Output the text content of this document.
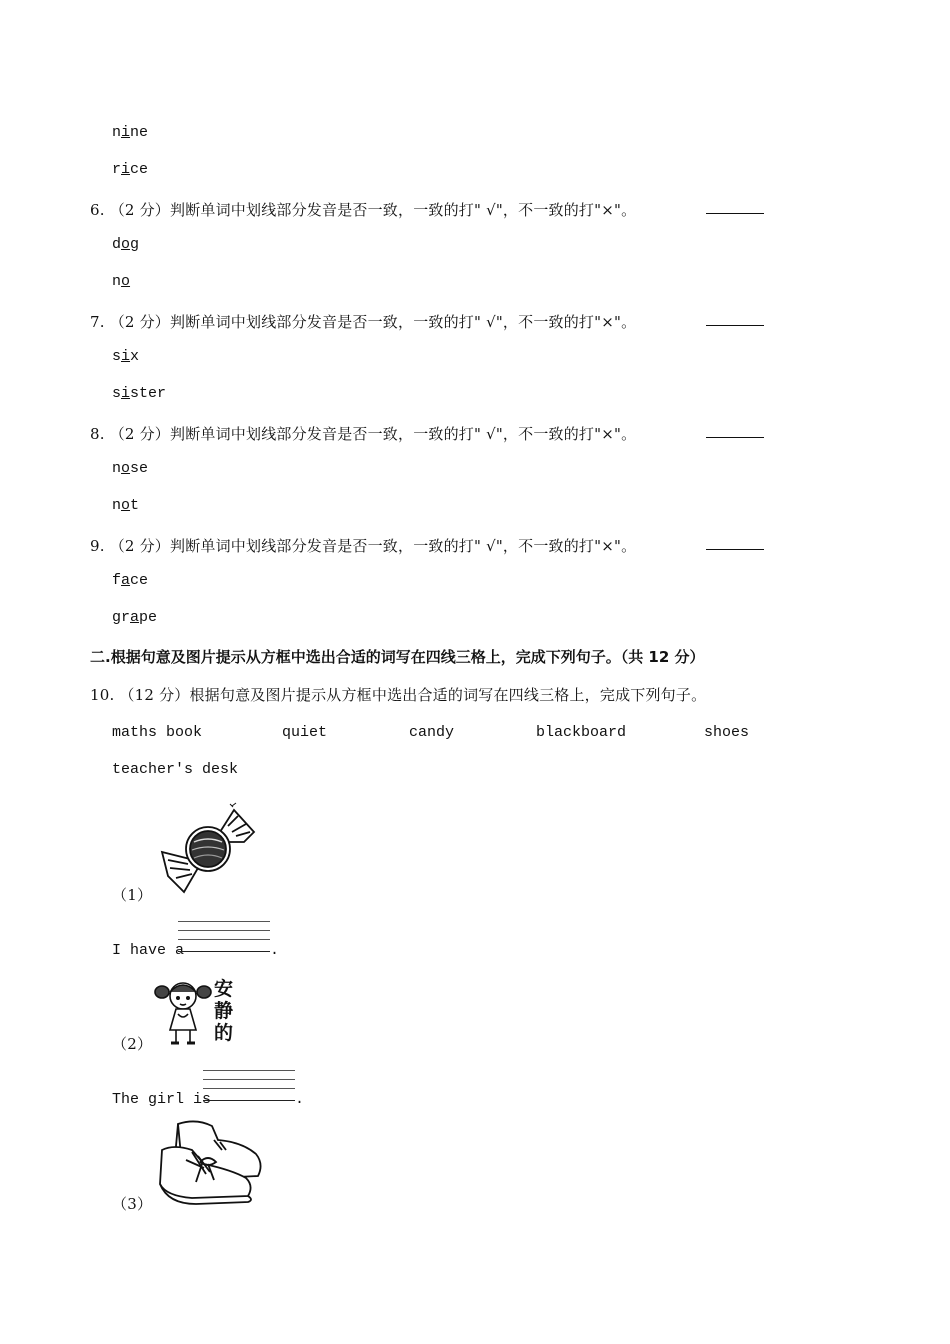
nine
rice
6. （2 分）判断单词中划线部分发音是否一致，一致的打" √"，不一致的打"×"。
dog
no
7. （2 分）判断单词中划线部分发音是否一致，一致的打" √"，不一致的打"×"。
six
sister
8. （2 分）判断单词中划线部分发音是否一致，一致的打" √"，不一致的打"×"。
nose
not
9. （2 分）判断单词中划线部分发音是否一致，一致的打" √"，不一致的打"×"。
face
grape
二.根据句意及图片提示从方框中选出合适的词写在四线三格上，完成下列句子。（共 12 分）
10. （12 分）根据句意及图片提示从方框中选出合适的词写在四线三格上，完成下列句子。
maths book	quiet	candy	blackboard	shoes
teacher's desk
（1）
I have a	.
安
静
的
（2）
The girl is	.
（3）
